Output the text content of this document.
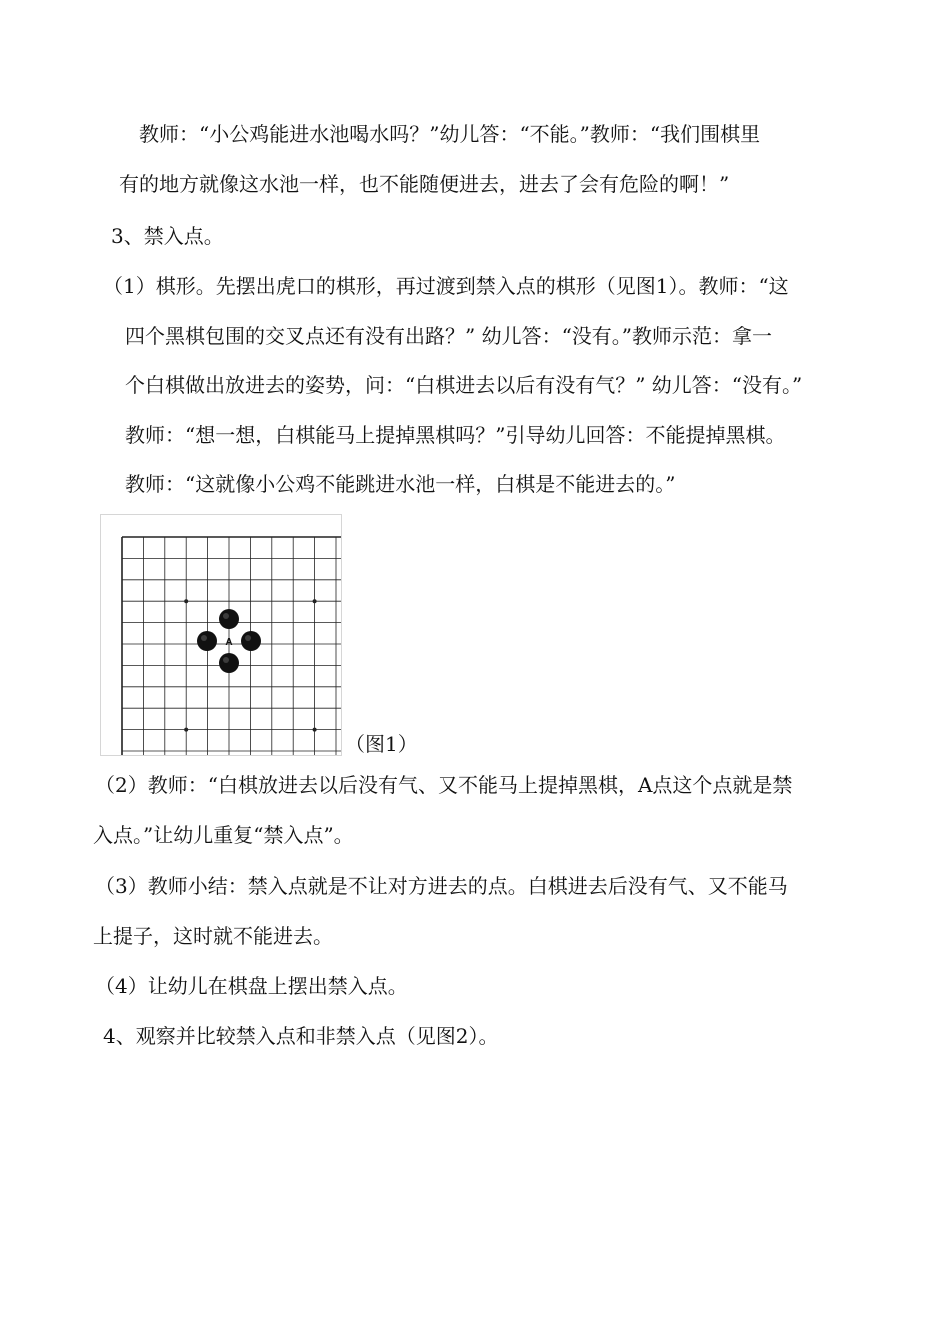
教师：“小公鸡能进水池喝水吗？”幼儿答：“不能。”教师：“我们围棋里
有的地方就像这水池一样，也不能随便进去，进去了会有危险的啊！”
3、禁入点。
（1）棋形。先摆出虎口的棋形，再过渡到禁入点的棋形（见图1）。教师：“这
四个黑棋包围的交叉点还有没有出路？” 幼儿答：“没有。”教师示范：拿一
个白棋做出放进去的姿势，问：“白棋进去以后有没有气？” 幼儿答：“没有。”
教师：“想一想，白棋能马上提掉黑棋吗？”引导幼儿回答：不能提掉黑棋。
教师：“这就像小公鸡不能跳进水池一样，白棋是不能进去的。”
A
（图1）
（2）教师：“白棋放进去以后没有气、又不能马上提掉黑棋，A点这个点就是禁
入点。”让幼儿重复“禁入点”。
（3）教师小结：禁入点就是不让对方进去的点。白棋进去后没有气、又不能马
上提子，这时就不能进去。
（4）让幼儿在棋盘上摆出禁入点。
4、观察并比较禁入点和非禁入点（见图2）。
